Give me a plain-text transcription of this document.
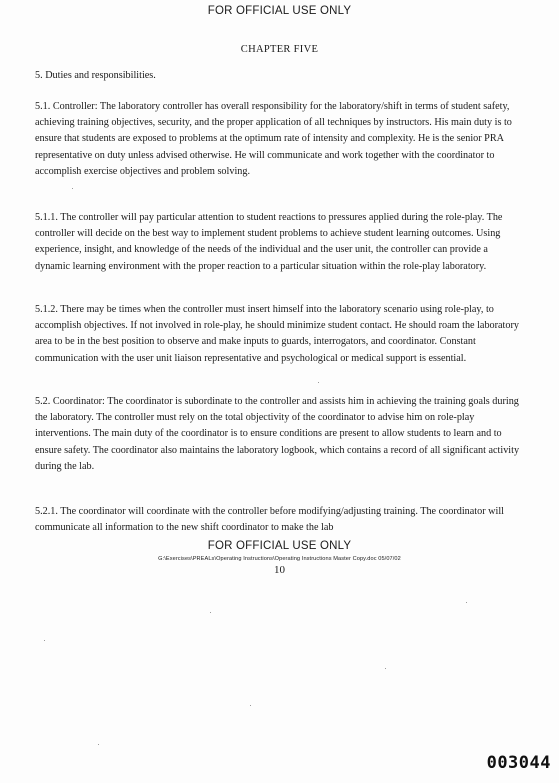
FOR OFFICIAL USE ONLY
CHAPTER FIVE

5. Duties and responsibilities.

5.1. Controller: The laboratory controller has overall responsibility for the laboratory/shift in terms of student safety, achieving training objectives, security, and the proper application of all techniques by instructors. His main duty is to ensure that students are exposed to problems at the optimum rate of intensity and complexity. He is the senior PRA representative on duty unless advised otherwise. He will communicate and work together with the coordinator to accomplish exercise objectives and problem solving.

5.1.1. The controller will pay particular attention to student reactions to pressures applied during the role-play. The controller will decide on the best way to implement student problems to achieve student learning outcomes. Using experience, insight, and knowledge of the needs of the individual and the user unit, the controller can provide a dynamic learning environment with the proper reaction to a particular situation within the role-play laboratory.

5.1.2. There may be times when the controller must insert himself into the laboratory scenario using role-play, to accomplish objectives. If not involved in role-play, he should minimize student contact. He should roam the laboratory area to be in the best position to observe and make inputs to guards, interrogators, and coordinator. Constant communication with the user unit liaison representative and psychological or medical support is essential.

5.2. Coordinator: The coordinator is subordinate to the controller and assists him in achieving the training goals during the laboratory. The controller must rely on the total objectivity of the coordinator to advise him on role-play interventions. The main duty of the coordinator is to ensure conditions are present to allow students to learn and to ensure safety. The coordinator also maintains the laboratory logbook, which contains a record of all significant activity during the lab.

5.2.1. The coordinator will coordinate with the controller before modifying/adjusting training. The coordinator will communicate all information to the new shift coordinator to make the lab

FOR OFFICIAL USE ONLY
G:\Exercises\PREALs\Operating Instructions\Operating Instructions Master Copy.doc 05/07/02
10
003044
